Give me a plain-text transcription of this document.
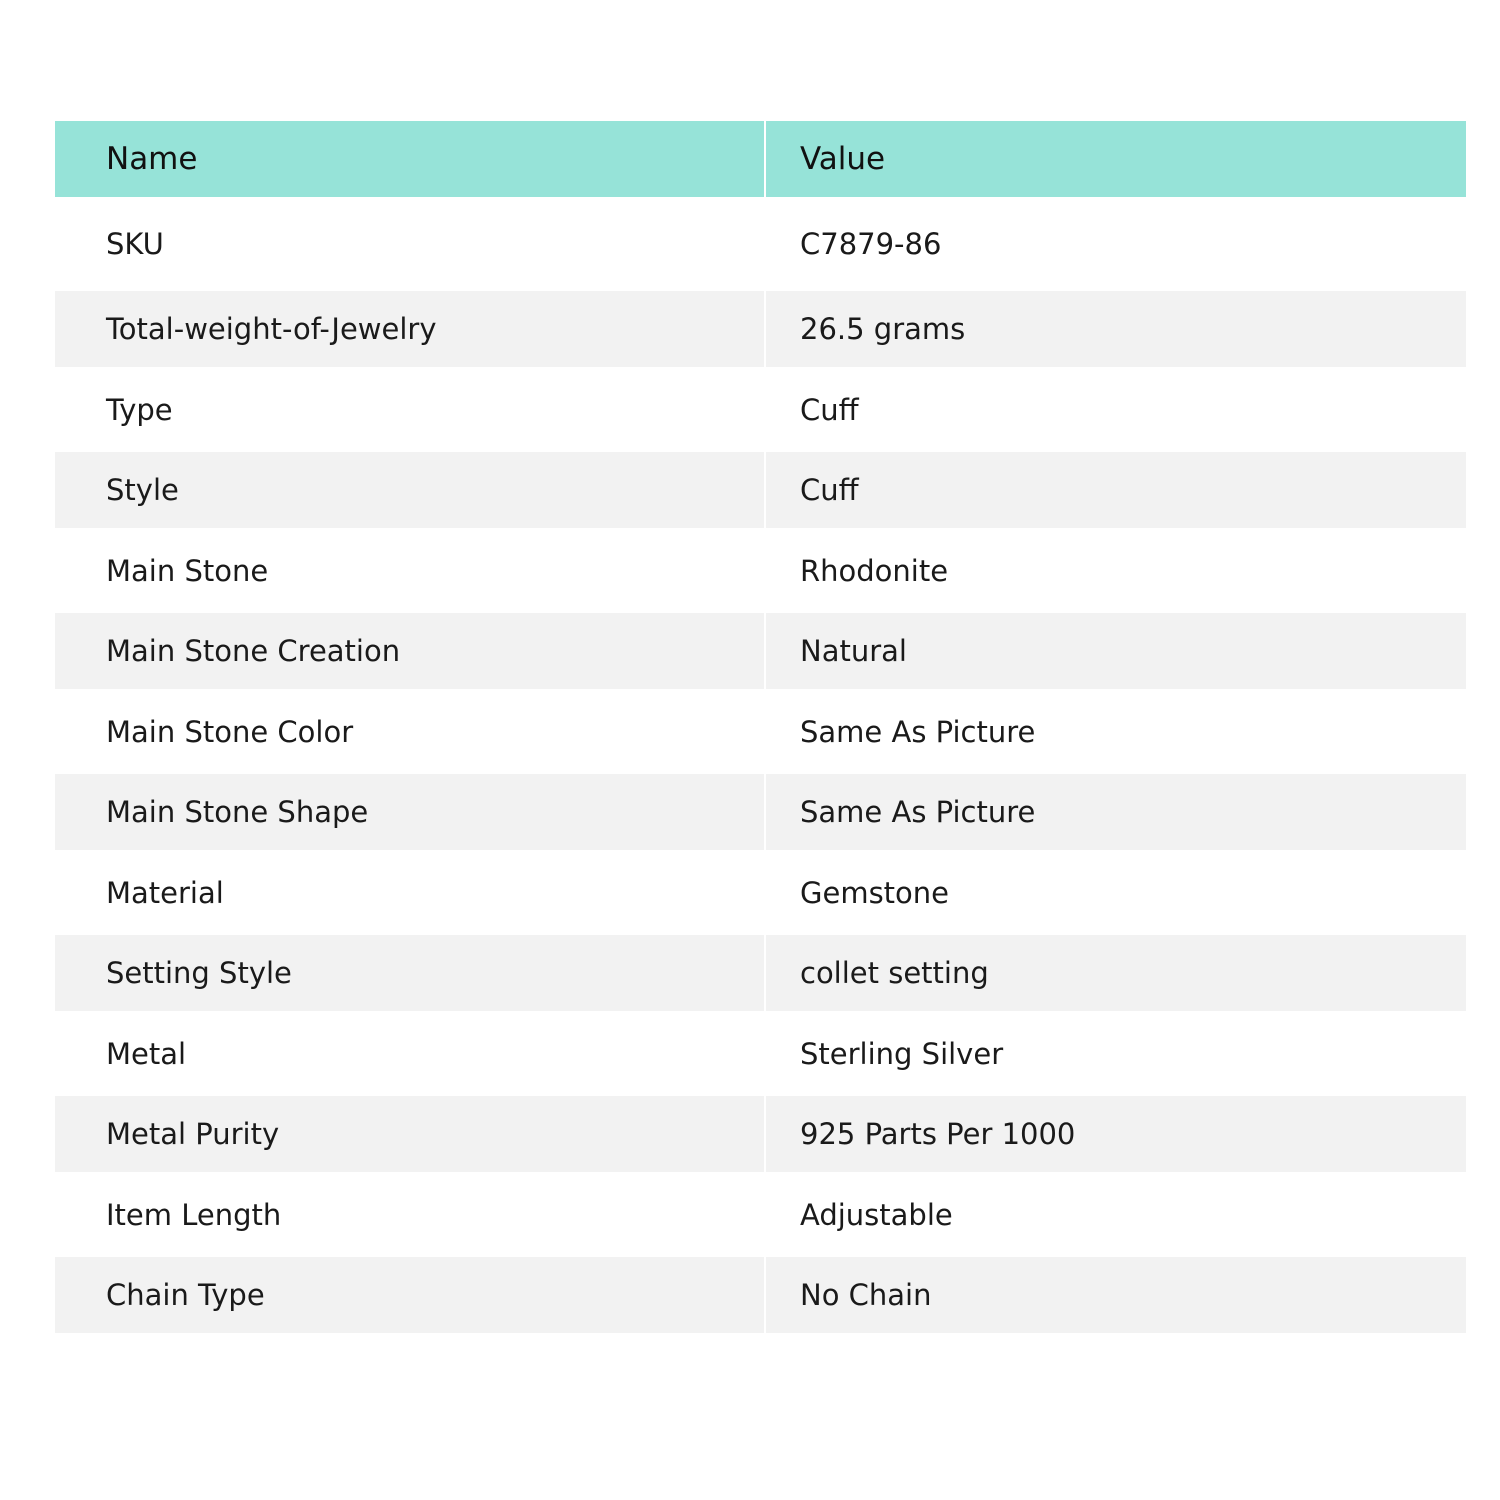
Name	Value
SKU	C7879-86
Total-weight-of-Jewelry	26.5 grams
Type	Cuff
Style	Cuff
Main Stone	Rhodonite
Main Stone Creation	Natural
Main Stone Color	Same As Picture
Main Stone Shape	Same As Picture
Material	Gemstone
Setting Style	collet setting
Metal	Sterling Silver
Metal Purity	925 Parts Per 1000
Item Length	Adjustable
Chain Type	No Chain
